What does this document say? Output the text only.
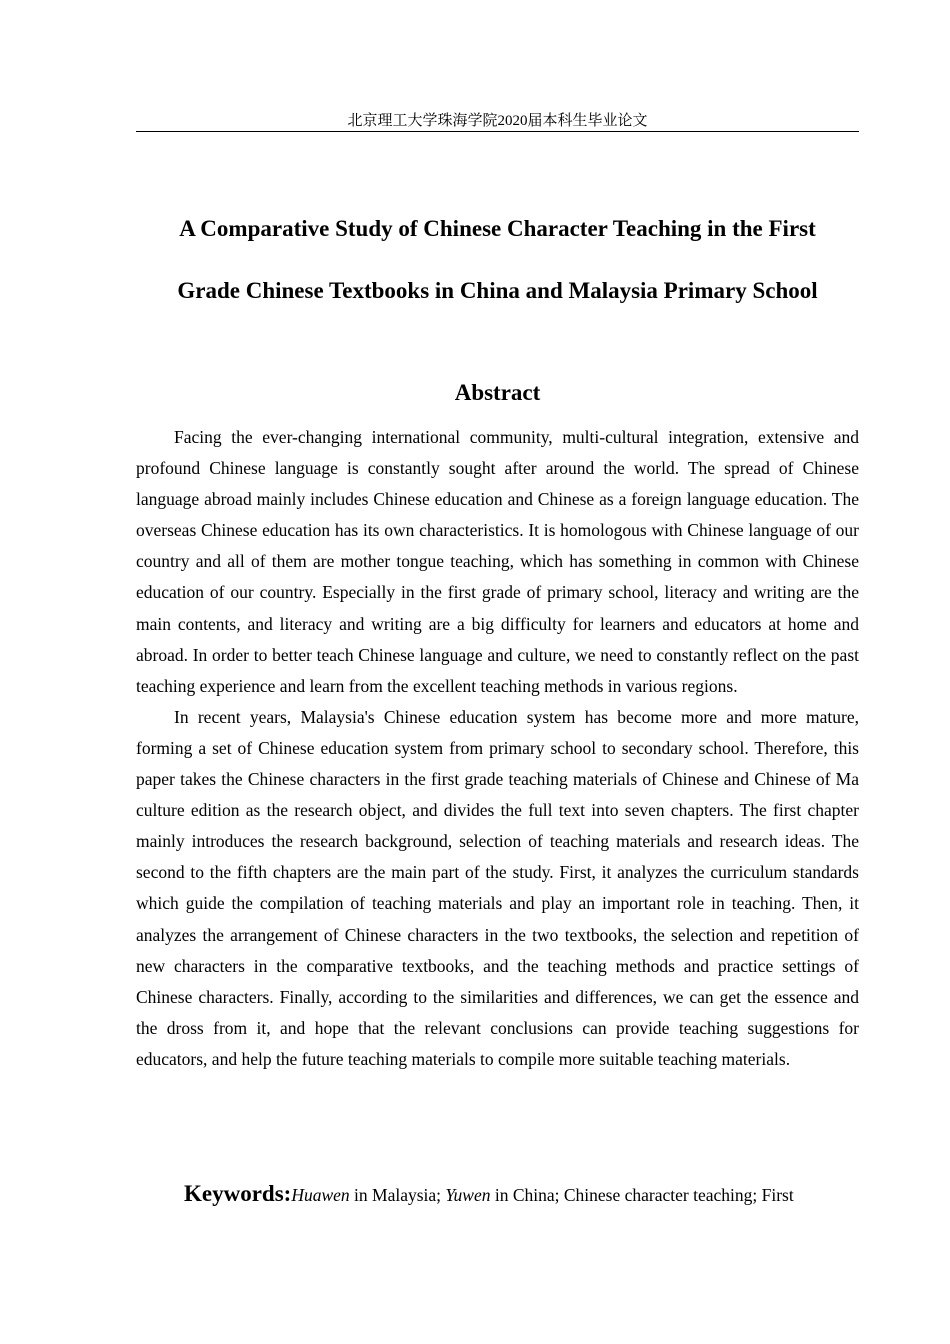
北京理工大学珠海学院2020届本科生毕业论文
A Comparative Study of Chinese Character Teaching in the First
Grade Chinese Textbooks in China and Malaysia Primary School
Abstract

Facing the ever-changing international community, multi-cultural integration, extensive and profound Chinese language is constantly sought after around the world. The spread of Chinese language abroad mainly includes Chinese education and Chinese as a foreign language education. The overseas Chinese education has its own characteristics. It is homologous with Chinese language of our country and all of them are mother tongue teaching, which has something in common with Chinese education of our country. Especially in the first grade of primary school, literacy and writing are the main contents, and literacy and writing are a big difficulty for learners and educators at home and abroad. In order to better teach Chinese language and culture, we need to constantly reflect on the past teaching experience and learn from the excellent teaching methods in various regions.

In recent years, Malaysia's Chinese education system has become more and more mature, forming a set of Chinese education system from primary school to secondary school. Therefore, this paper takes the Chinese characters in the first grade teaching materials of Chinese and Chinese of Ma culture edition as the research object, and divides the full text into seven chapters. The first chapter mainly introduces the research background, selection of teaching materials and research ideas. The second to the fifth chapters are the main part of the study. First, it analyzes the curriculum standards which guide the compilation of teaching materials and play an important role in teaching. Then, it analyzes the arrangement of Chinese characters in the two textbooks, the selection and repetition of new characters in the comparative textbooks, and the teaching methods and practice settings of Chinese characters. Finally, according to the similarities and differences, we can get the essence and the dross from it, and hope that the relevant conclusions can provide teaching suggestions for educators, and help the future teaching materials to compile more suitable teaching materials.

Keywords:Huawen in Malaysia; Yuwen in China; Chinese character teaching; First
